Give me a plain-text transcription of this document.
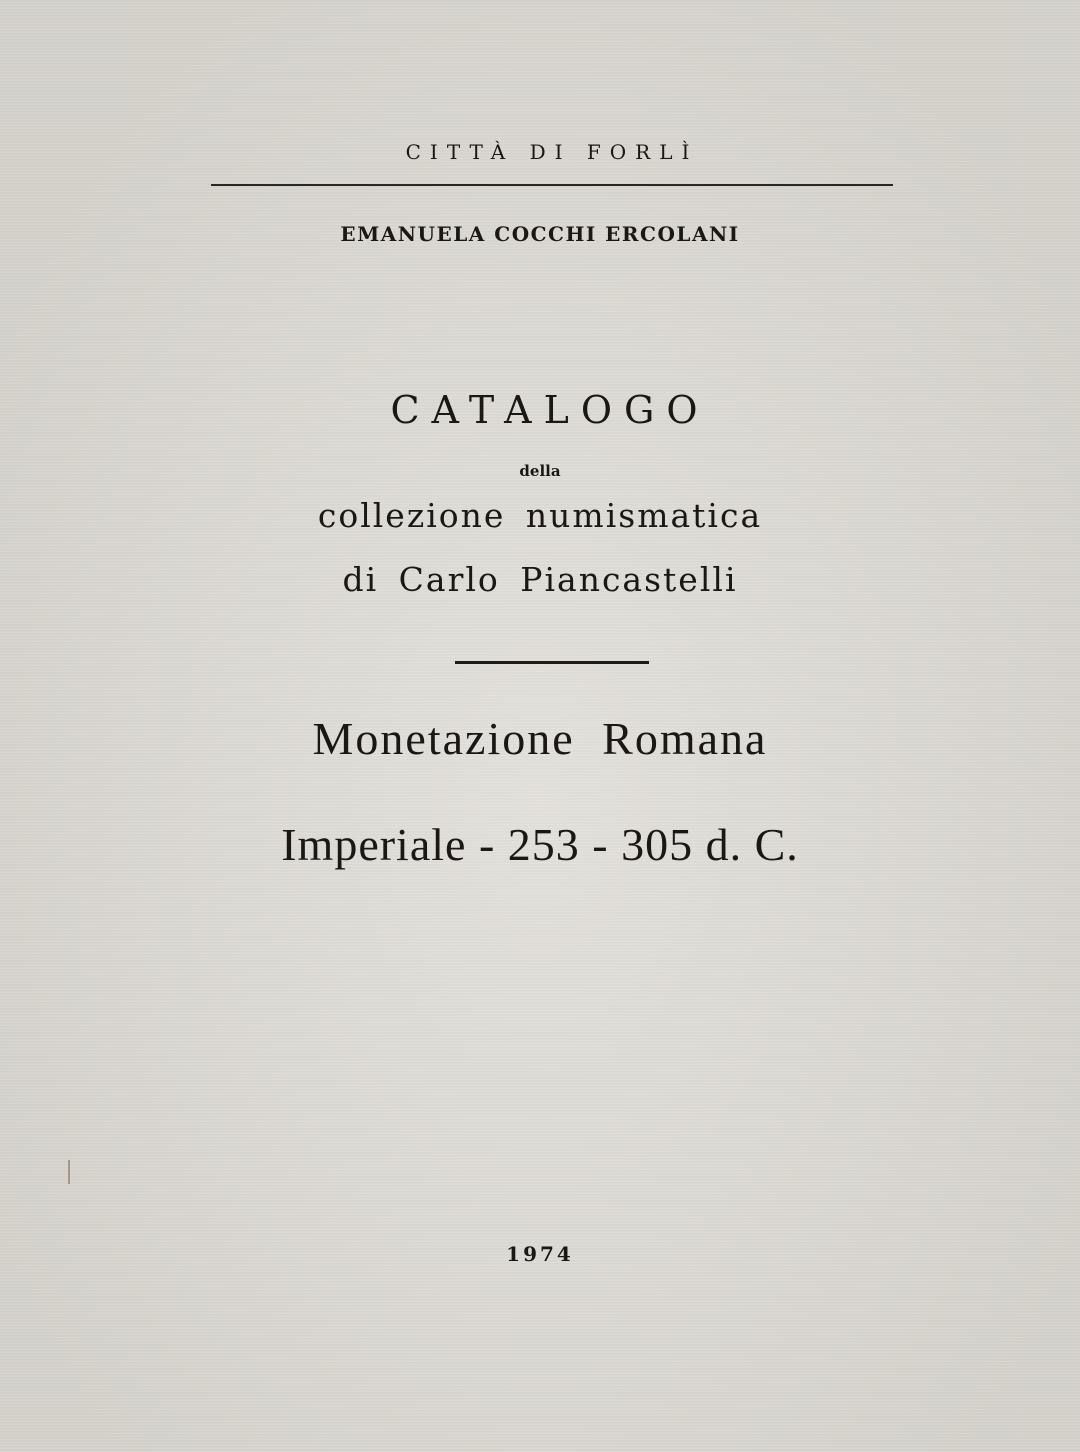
CITTÀ DI FORLÌ
EMANUELA COCCHI ERCOLANI
CATALOGO
della
collezione numismatica
di Carlo Piancastelli
Monetazione Romana
Imperiale - 253 - 305 d. C.
1974
